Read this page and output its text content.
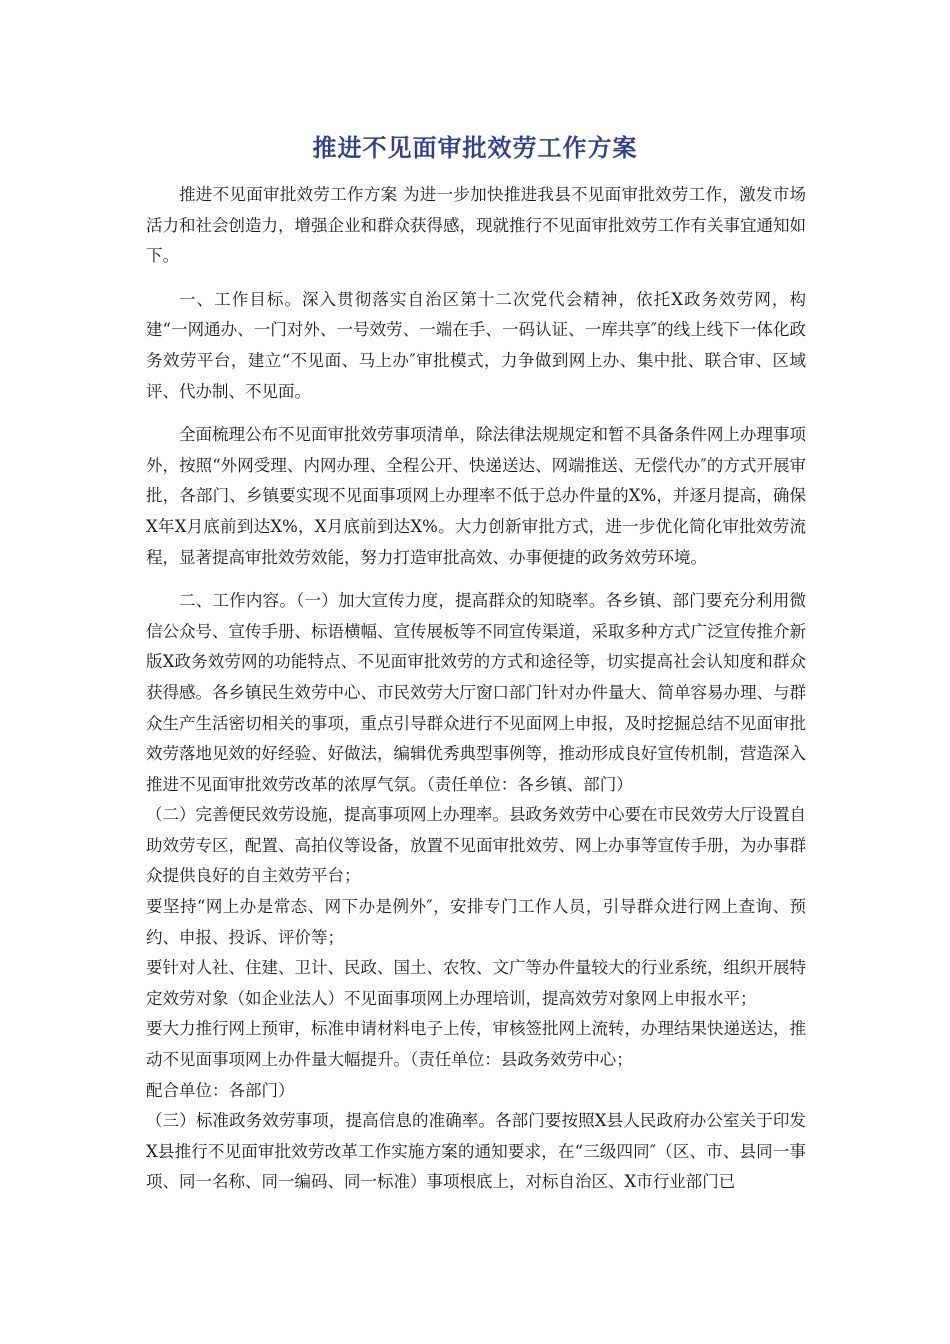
推进不见面审批效劳工作方案

推进不见面审批效劳工作方案 为进一步加快推进我县不见面审批效劳工作，激发市场活力和社会创造力，增强企业和群众获得感，现就推行不见面审批效劳工作有关事宜通知如下。

一、工作目标。深入贯彻落实自治区第十二次党代会精神，依托X政务效劳网，构建“一网通办、一门对外、一号效劳、一端在手、一码认证、一库共享″的线上线下一体化政务效劳平台，建立“不见面、马上办″审批模式，力争做到网上办、集中批、联合审、区域评、代办制、不见面。

全面梳理公布不见面审批效劳事项清单，除法律法规规定和暂不具备条件网上办理事项外，按照“外网受理、内网办理、全程公开、快递送达、网端推送、无偿代办″的方式开展审批，各部门、乡镇要实现不见面事项网上办理率不低于总办件量的X%，并逐月提高，确保X年X月底前到达X%，X月底前到达X%。大力创新审批方式，进一步优化简化审批效劳流程，显著提高审批效劳效能，努力打造审批高效、办事便捷的政务效劳环境。

二、工作内容。（一）加大宣传力度，提高群众的知晓率。各乡镇、部门要充分利用微信公众号、宣传手册、标语横幅、宣传展板等不同宣传渠道，采取多种方式广泛宣传推介新版X政务效劳网的功能特点、不见面审批效劳的方式和途径等，切实提高社会认知度和群众获得感。各乡镇民生效劳中心、市民效劳大厅窗口部门针对办件量大、简单容易办理、与群众生产生活密切相关的事项，重点引导群众进行不见面网上申报，及时挖掘总结不见面审批效劳落地见效的好经验、好做法，编辑优秀典型事例等，推动形成良好宣传机制，营造深入推进不见面审批效劳改革的浓厚气氛。（责任单位：各乡镇、部门）

（二）完善便民效劳设施，提高事项网上办理率。县政务效劳中心要在市民效劳大厅设置自助效劳专区，配置、高拍仪等设备，放置不见面审批效劳、网上办事等宣传手册，为办事群众提供良好的自主效劳平台；

要坚持“网上办是常态、网下办是例外″，安排专门工作人员，引导群众进行网上查询、预约、申报、投诉、评价等；

要针对人社、住建、卫计、民政、国土、农牧、文广等办件量较大的行业系统，组织开展特定效劳对象（如企业法人）不见面事项网上办理培训，提高效劳对象网上申报水平；

要大力推行网上预审，标准申请材料电子上传，审核签批网上流转，办理结果快递送达，推动不见面事项网上办件量大幅提升。（责任单位：县政务效劳中心；

配合单位：各部门）

（三）标准政务效劳事项，提高信息的准确率。各部门要按照X县人民政府办公室关于印发X县推行不见面审批效劳改革工作实施方案的通知要求，在“三级四同″（区、市、县同一事项、同一名称、同一编码、同一标准）事项根底上，对标自治区、X市行业部门已
